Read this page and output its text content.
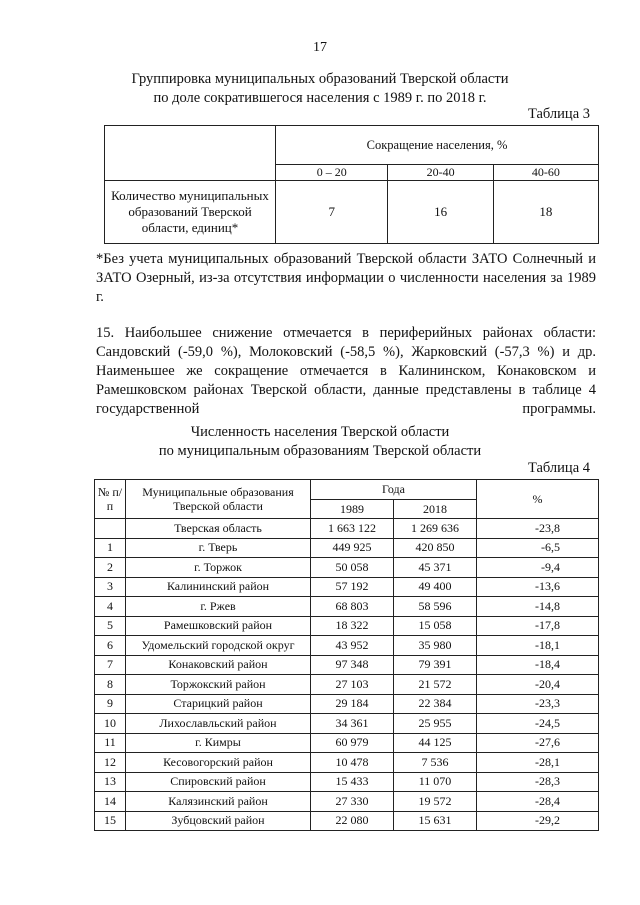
17
Группировка муниципальных образований Тверской области
по доле сократившегося населения с 1989 г. по 2018 г.
Таблица 3
	Сокращение населения, %		
	0 – 20	20-40	40-60
Количество муниципальных образований Тверской области, единиц*	7	16	18
*Без учета муниципальных образований Тверской области ЗАТО Солнечный и ЗАТО Озерный, из-за отсутствия информации о численности населения за 1989 г.
15. Наибольшее снижение отмечается в периферийных районах области: Сандовский (-59,0 %), Молоковский (-58,5 %), Жарковский (-57,3 %) и др. Наименьшее же сокращение отмечается в Калининском, Конаковском и Рамешковском районах Тверской области, данные представлены в таблице 4 государственной программы.
Численность населения Тверской области
по муниципальным образованиям Тверской области
Таблица 4
№ п/п	Муниципальные образования Тверской области	Года		%
		1989	2018	
	Тверская область	1 663 122	1 269 636	-23,8
1	г. Тверь	449 925	420 850	-6,5
2	г. Торжок	50 058	45 371	-9,4
3	Калининский район	57 192	49 400	-13,6
4	г. Ржев	68 803	58 596	-14,8
5	Рамешковский район	18 322	15 058	-17,8
6	Удомельский городской округ	43 952	35 980	-18,1
7	Конаковский район	97 348	79 391	-18,4
8	Торжокский район	27 103	21 572	-20,4
9	Старицкий район	29 184	22 384	-23,3
10	Лихославльский район	34 361	25 955	-24,5
11	г. Кимры	60 979	44 125	-27,6
12	Кесовогорский район	10 478	7 536	-28,1
13	Спировский район	15 433	11 070	-28,3
14	Калязинский район	27 330	19 572	-28,4
15	Зубцовский район	22 080	15 631	-29,2
